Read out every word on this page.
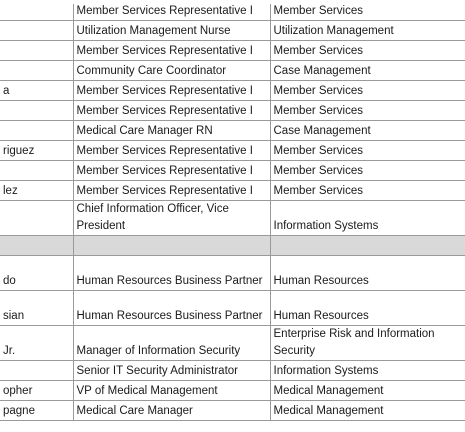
	Member Services Representative I	Member Services
	Utilization Management Nurse	Utilization Management
	Member Services Representative I	Member Services
	Community Care Coordinator	Case Management
a	Member Services Representative I	Member Services
	Member Services Representative I	Member Services
	Medical Care Manager RN	Case Management
riguez	Member Services Representative I	Member Services
	Member Services Representative I	Member Services
lez	Member Services Representative I	Member Services
	Chief Information Officer, Vice President	Information Systems

do	Human Resources Business Partner	Human Resources
sian	Human Resources Business Partner	Human Resources
Jr.	Manager of Information Security	Enterprise Risk and Information Security
	Senior IT Security Administrator	Information Systems
opher	VP of Medical Management	Medical Management
pagne	Medical Care Manager	Medical Management
